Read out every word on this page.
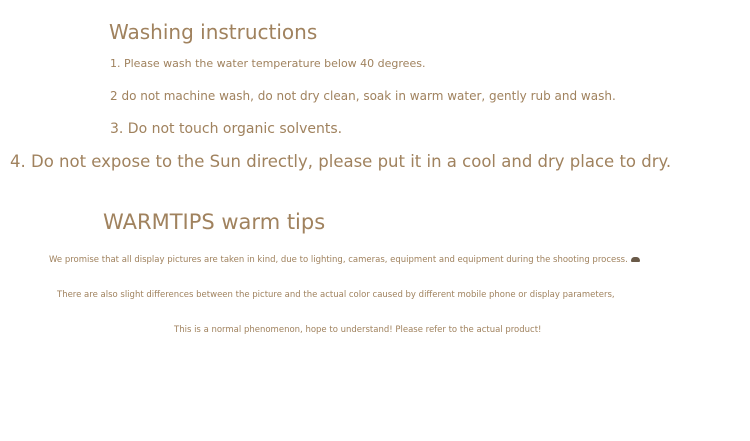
Washing instructions
1. Please wash the water temperature below 40 degrees.
2 do not machine wash, do not dry clean, soak in warm water, gently rub and wash.
3. Do not touch organic solvents.
4. Do not expose to the Sun directly, please put it in a cool and dry place to dry.
WARMTIPS warm tips
We promise that all display pictures are taken in kind, due to lighting, cameras, equipment and equipment during the shooting process.
There are also slight differences between the picture and the actual color caused by different mobile phone or display parameters,
This is a normal phenomenon, hope to understand! Please refer to the actual product!
